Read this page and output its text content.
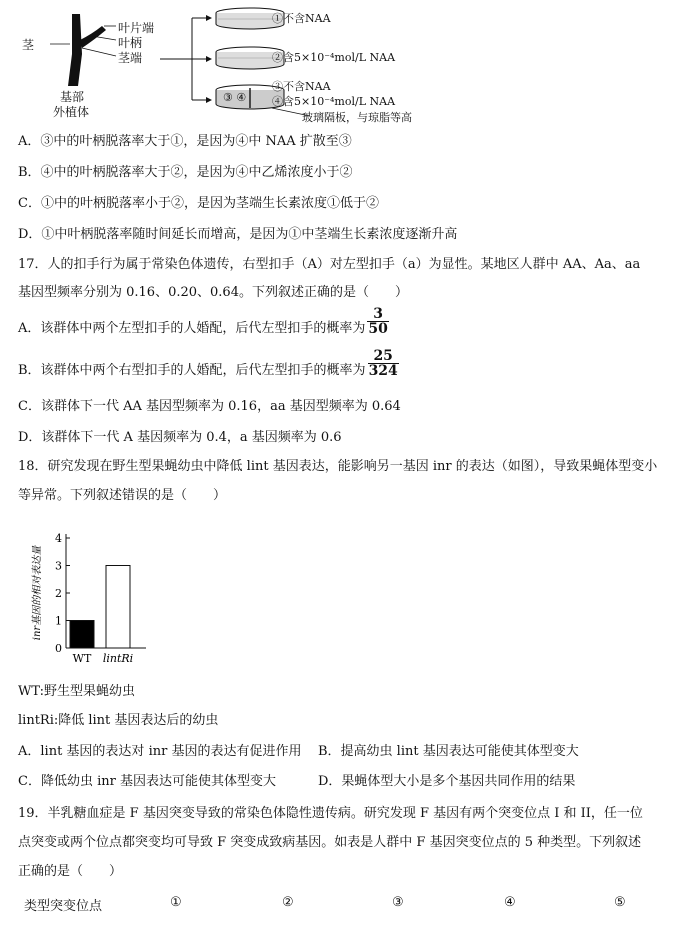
茎
叶片端
叶柄
茎端
基部
外植体
①不含NAA
②含5×10⁻⁴mol/L NAA
③不含NAA
④含5×10⁻⁴mol/L NAA
③ ④
玻璃隔板，与琼脂等高
A．③中的叶柄脱落率大于①，是因为④中 NAA 扩散至③
B．④中的叶柄脱落率大于②，是因为④中乙烯浓度小于②
C．①中的叶柄脱落率小于②，是因为茎端生长素浓度①低于②
D．①中叶柄脱落率随时间延长而增高，是因为①中茎端生长素浓度逐渐升高
17．人的扣手行为属于常染色体遗传，右型扣手（A）对左型扣手（a）为显性。某地区人群中 AA、Aa、aa
基因型频率分别为 0.16、0.20、0.64。下列叙述正确的是（　　）
A．该群体中两个左型扣手的人婚配，后代左型扣手的概率为 $\frac{3}{50}$
B．该群体中两个右型扣手的人婚配，后代左型扣手的概率为 $\frac{25}{324}$
C．该群体下一代 AA 基因型频率为 0.16，aa 基因型频率为 0.64
D．该群体下一代 A 基因频率为 0.4，a 基因频率为 0.6
18．研究发现在野生型果蝇幼虫中降低 lint 基因表达，能影响另一基因 inr 的表达（如图），导致果蝇体型变小
等异常。下列叙述错误的是（　　）
0
1
2
3
4
inr基因的相对表达量
WT lintRi
WT:野生型果蝇幼虫
lintRi:降低 lint 基因表达后的幼虫
A．lint 基因的表达对 inr 基因的表达有促进作用 B．提高幼虫 lint 基因表达可能使其体型变大
C．降低幼虫 inr 基因表达可能使其体型变大	D．果蝇体型大小是多个基因共同作用的结果
19．半乳糖血症是 F 基因突变导致的常染色体隐性遗传病。研究发现 F 基因有两个突变位点 I 和 II，任一位
点突变或两个位点都突变均可导致 F 突变成致病基因。如表是人群中 F 基因突变位点的 5 种类型。下列叙述
正确的是（　　）
类型突变位点	①	②	③	④	⑤
